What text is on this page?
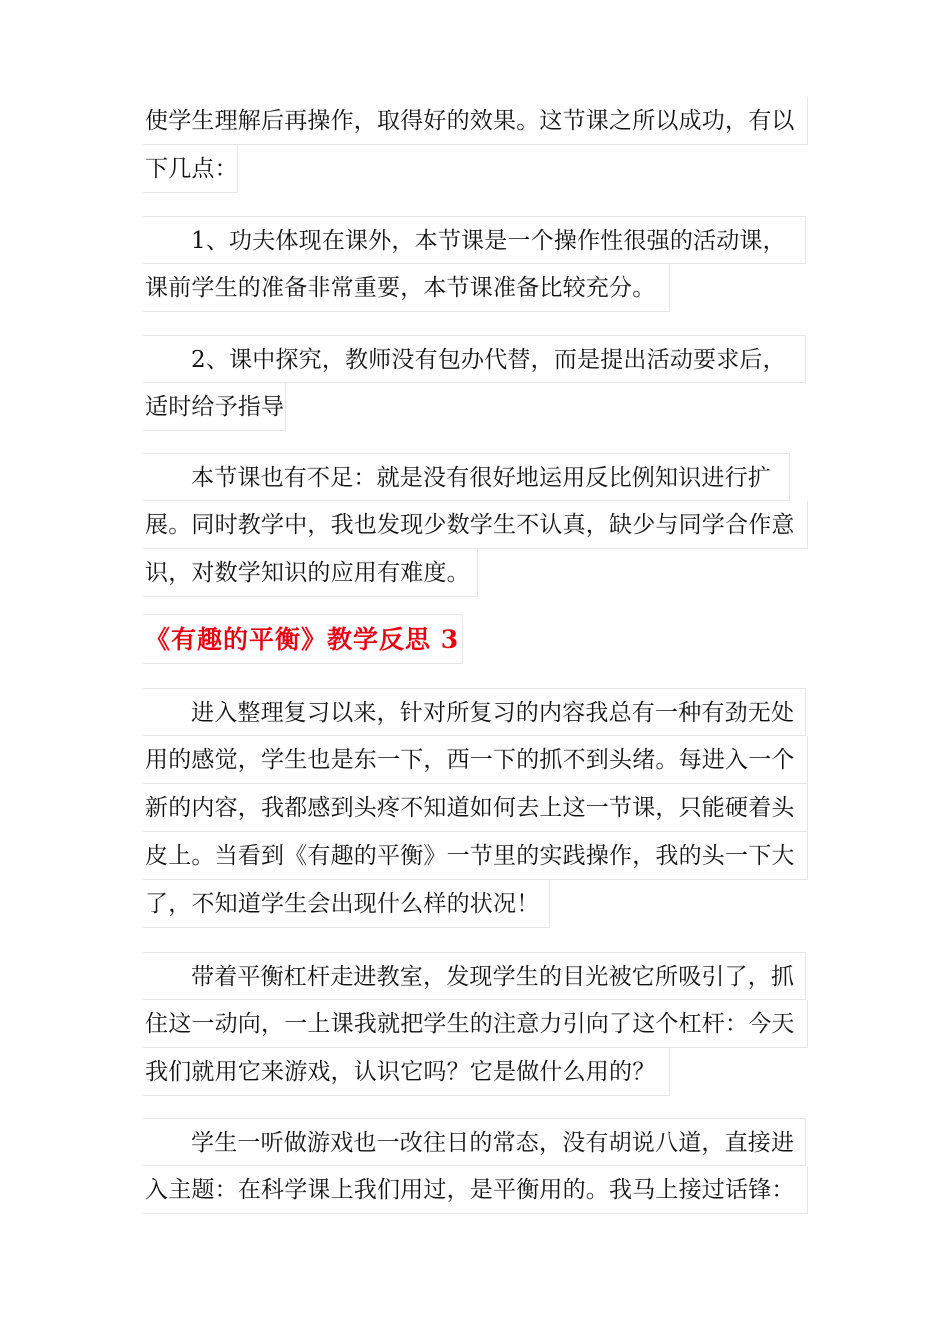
使学生理解后再操作，取得好的效果。这节课之所以成功，有以
下几点：
1、功夫体现在课外，本节课是一个操作性很强的活动课，
课前学生的准备非常重要，本节课准备比较充分。
2、课中探究，教师没有包办代替，而是提出活动要求后，
适时给予指导
本节课也有不足：就是没有很好地运用反比例知识进行扩
展。同时教学中，我也发现少数学生不认真，缺少与同学合作意
识，对数学知识的应用有难度。
《有趣的平衡》教学反思 3
进入整理复习以来，针对所复习的内容我总有一种有劲无处
用的感觉，学生也是东一下，西一下的抓不到头绪。每进入一个
新的内容，我都感到头疼不知道如何去上这一节课，只能硬着头
皮上。当看到《有趣的平衡》一节里的实践操作，我的头一下大
了，不知道学生会出现什么样的状况！
带着平衡杠杆走进教室，发现学生的目光被它所吸引了，抓
住这一动向，一上课我就把学生的注意力引向了这个杠杆：今天
我们就用它来游戏，认识它吗？它是做什么用的？
学生一听做游戏也一改往日的常态，没有胡说八道，直接进
入主题：在科学课上我们用过，是平衡用的。我马上接过话锋：
